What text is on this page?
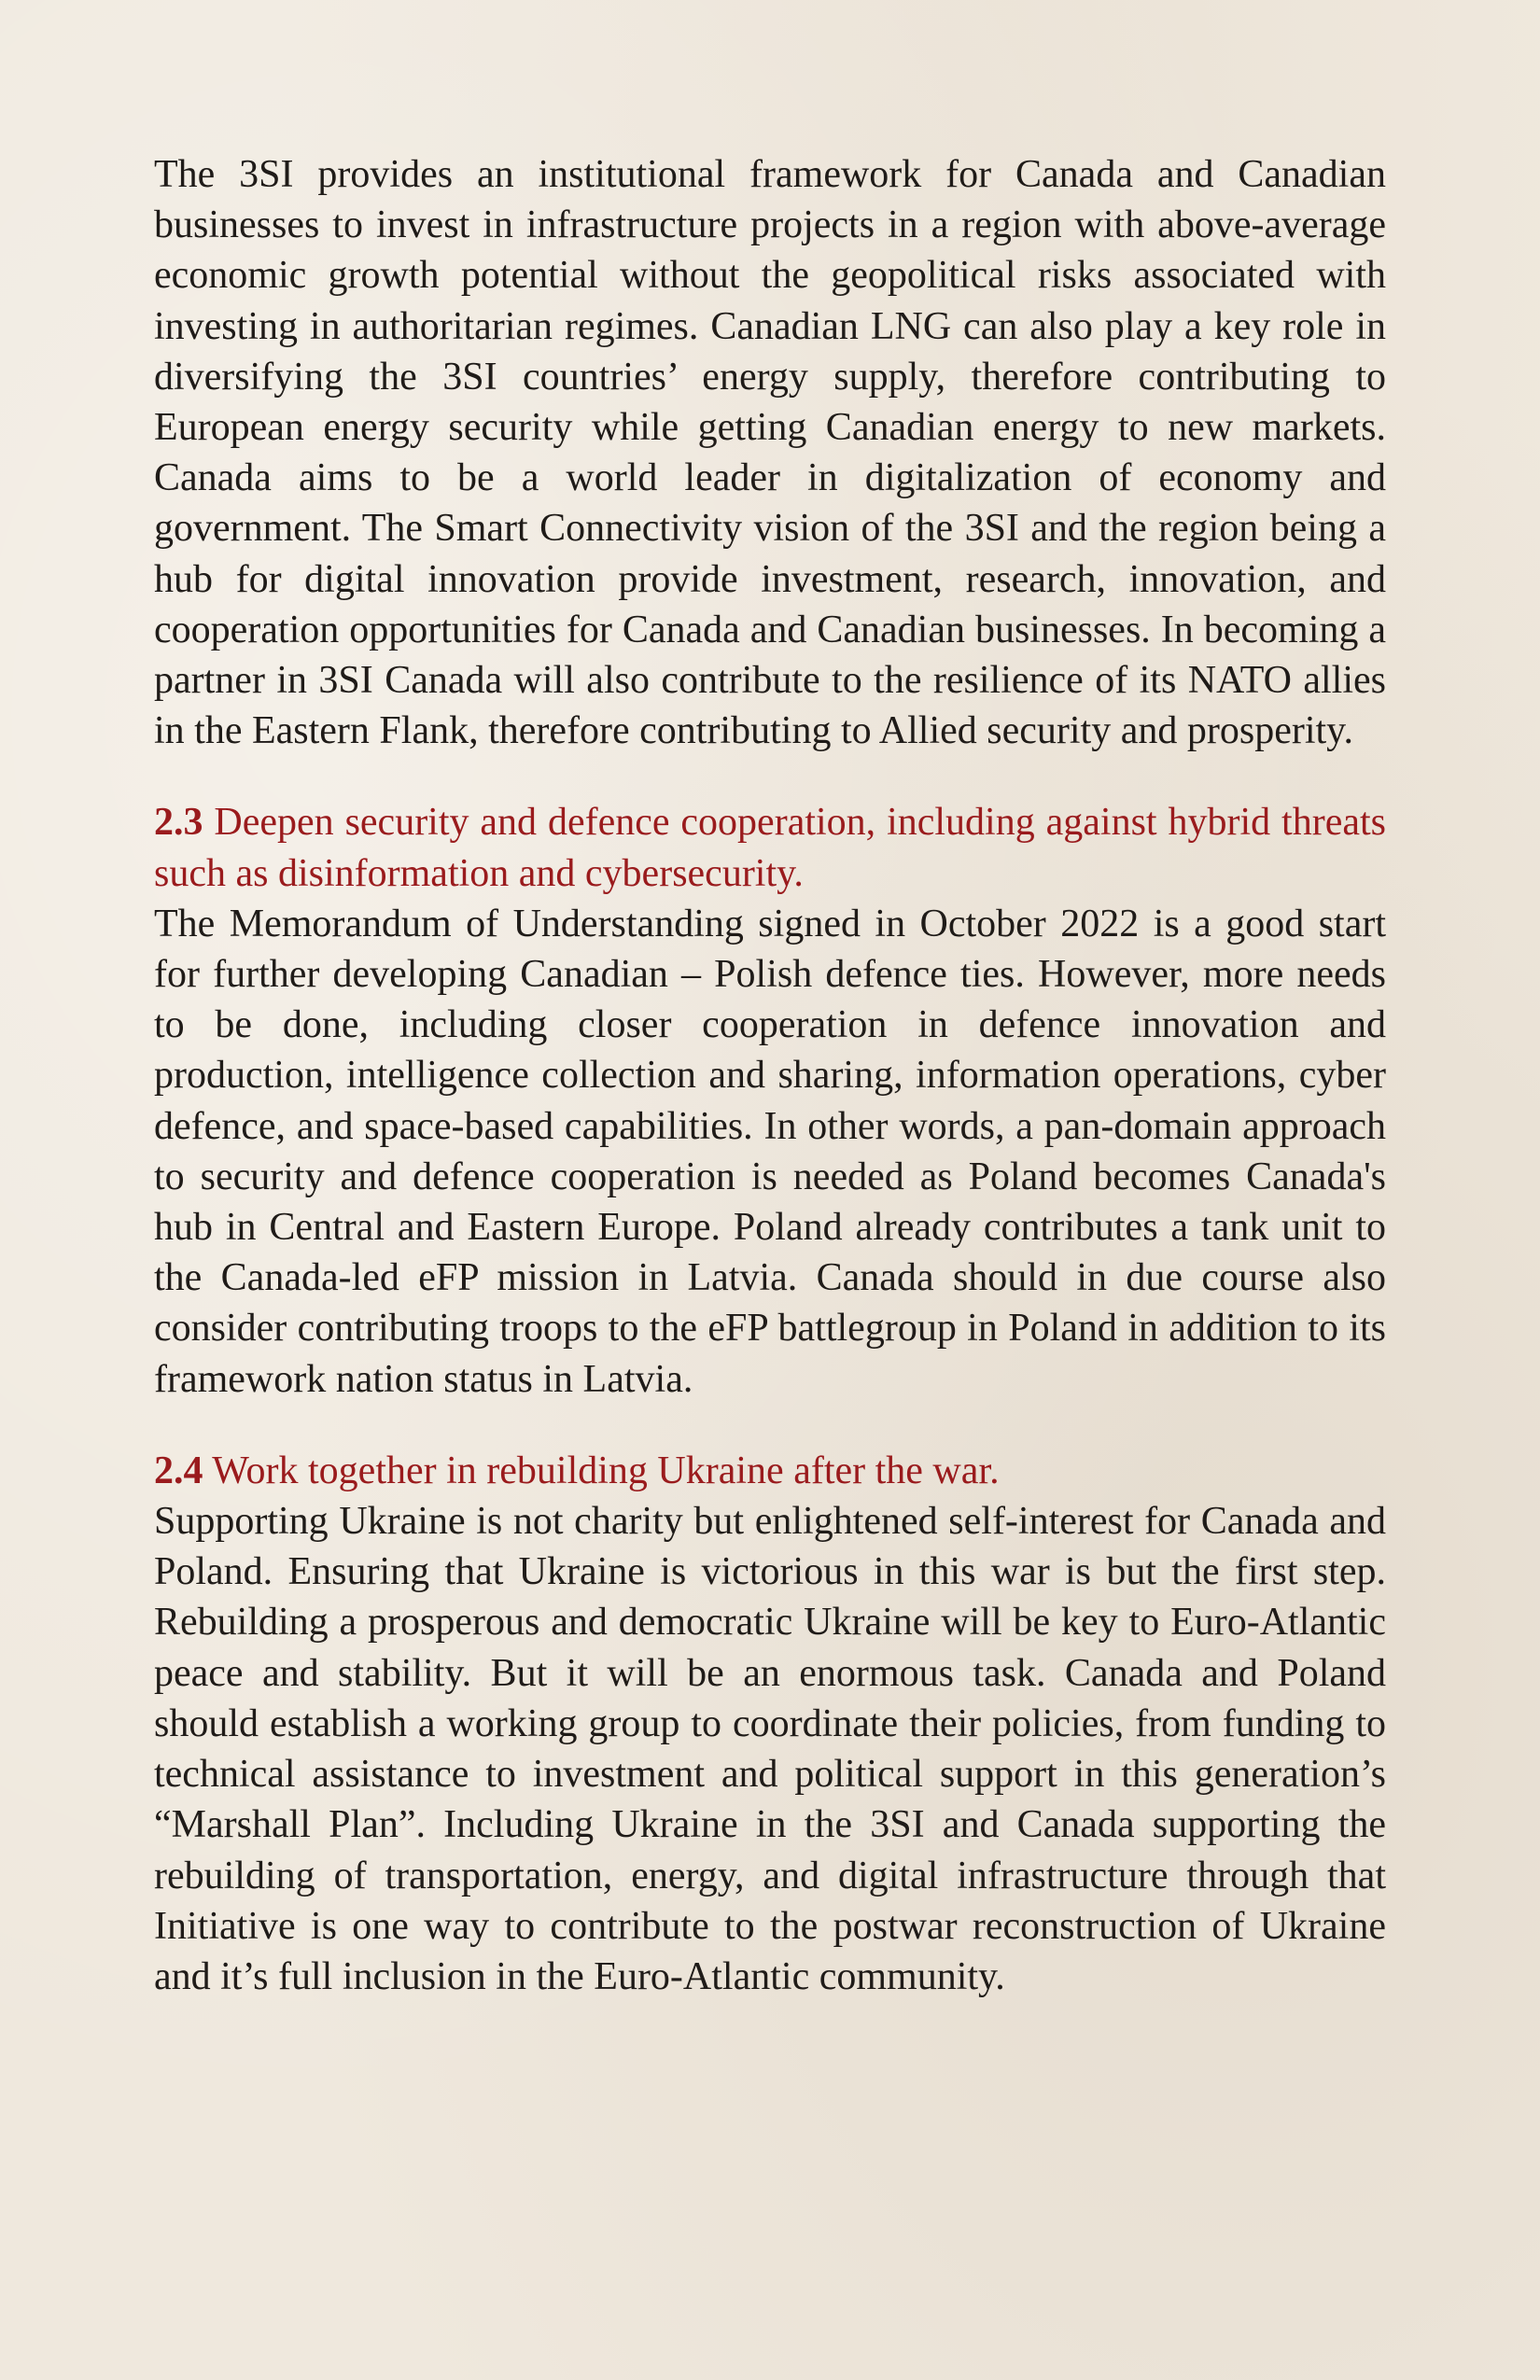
The 3SI provides an institutional framework for Canada and Canadian businesses to invest in infrastructure projects in a region with above-average economic growth potential without the geopolitical risks associated with investing in authoritarian regimes. Canadian LNG can also play a key role in diversifying the 3SI countries’ energy supply, therefore contributing to European energy security while getting Canadian energy to new markets. Canada aims to be a world leader in digitalization of economy and government. The Smart Connectivity vision of the 3SI and the region being a hub for digital innovation provide investment, research, innovation, and cooperation opportunities for Canada and Canadian businesses. In becoming a partner in 3SI Canada will also contribute to the resilience of its NATO allies in the Eastern Flank, therefore contributing to Allied security and prosperity.

2.3 Deepen security and defence cooperation, including against hybrid threats such as disinformation and cybersecurity.

The Memorandum of Understanding signed in October 2022 is a good start for further developing Canadian – Polish defence ties. However, more needs to be done, including closer cooperation in defence innovation and production, intelligence collection and sharing, information operations, cyber defence, and space-based capabilities. In other words, a pan-domain approach to security and defence cooperation is needed as Poland becomes Canada's hub in Central and Eastern Europe. Poland already contributes a tank unit to the Canada-led eFP mission in Latvia. Canada should in due course also consider contributing troops to the eFP battlegroup in Poland in addition to its framework nation status in Latvia.

2.4 Work together in rebuilding Ukraine after the war.

Supporting Ukraine is not charity but enlightened self-interest for Canada and Poland. Ensuring that Ukraine is victorious in this war is but the first step. Rebuilding a prosperous and democratic Ukraine will be key to Euro-Atlantic peace and stability. But it will be an enormous task. Canada and Poland should establish a working group to coordinate their policies, from funding to technical assistance to investment and political support in this generation’s “Marshall Plan”. Including Ukraine in the 3SI and Canada supporting the rebuilding of transportation, energy, and digital infrastructure through that Initiative is one way to contribute to the postwar reconstruction of Ukraine and it’s full inclusion in the Euro-Atlantic community.
